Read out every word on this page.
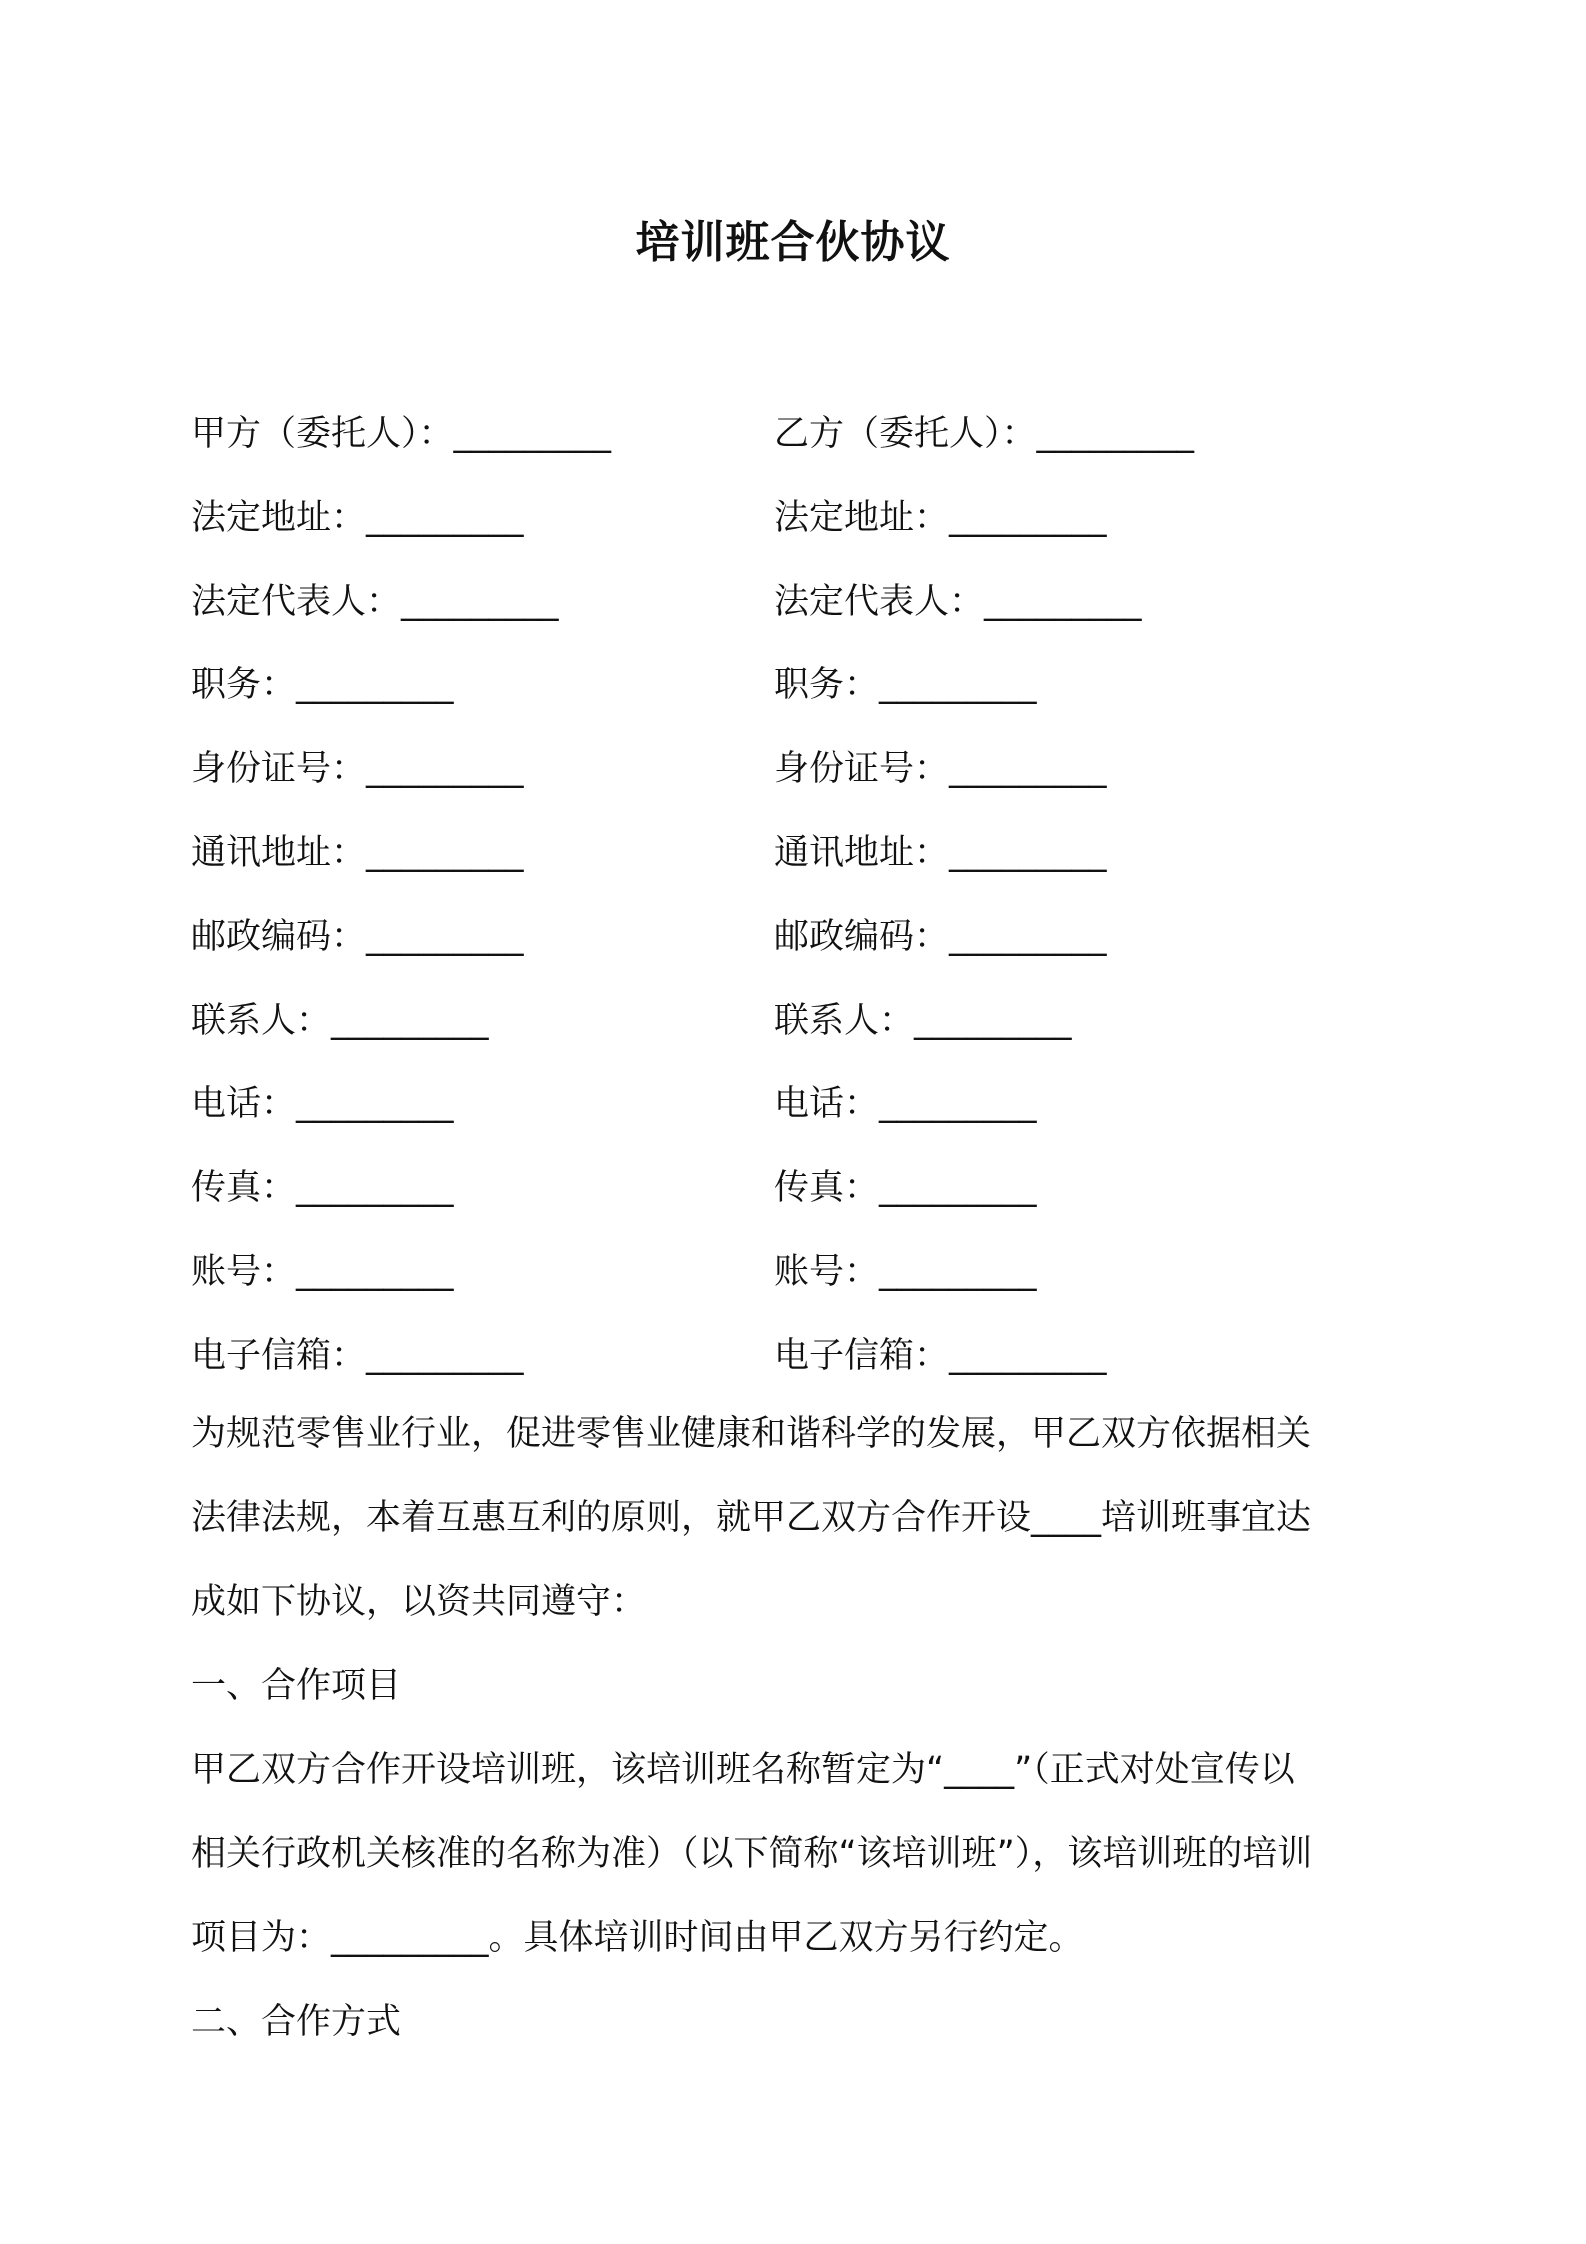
培训班合伙协议
甲方（委托人）：_________	乙方（委托人）：_________
法定地址：_________	法定地址：_________
法定代表人：_________	法定代表人：_________
职务：_________	职务：_________
身份证号：_________	身份证号：_________
通讯地址：_________	通讯地址：_________
邮政编码：_________	邮政编码：_________
联系人：_________	联系人：_________
电话：_________	电话：_________
传真：_________	传真：_________
账号：_________	账号：_________
电子信箱：_________	电子信箱：_________
为规范零售业行业，促进零售业健康和谐科学的发展，甲乙双方依据相关
法律法规，本着互惠互利的原则，就甲乙双方合作开设____培训班事宜达
成如下协议，以资共同遵守：
一、合作项目
甲乙双方合作开设培训班，该培训班名称暂定为“____”（正式对处宣传以
相关行政机关核准的名称为准）（以下简称“该培训班”），该培训班的培训
项目为：_________。具体培训时间由甲乙双方另行约定。
二、合作方式
